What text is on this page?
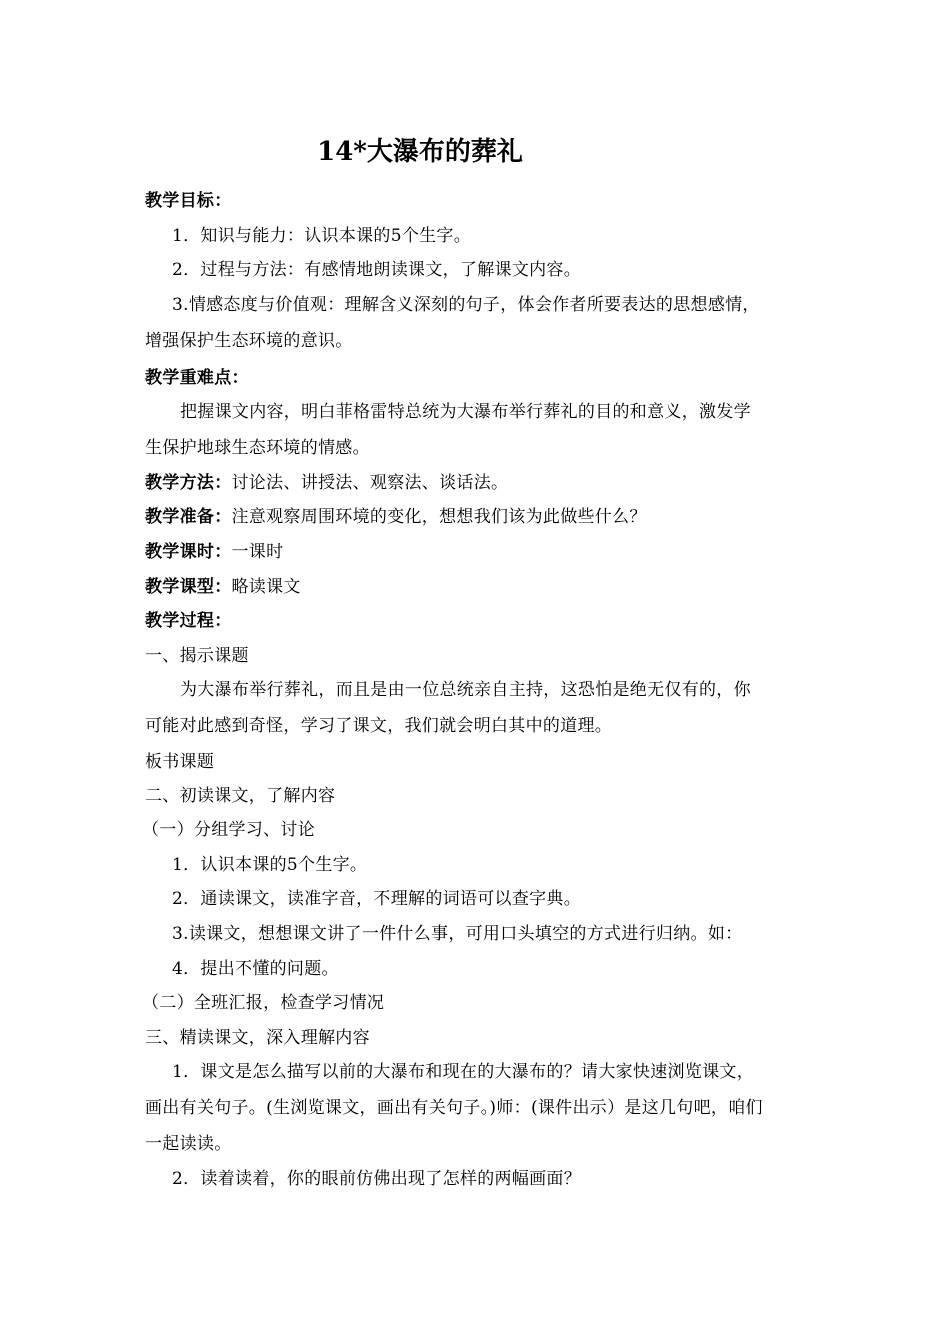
14*大瀑布的葬礼
教学目标：
1．知识与能力：认识本课的5个生字。
2．过程与方法：有感情地朗读课文，了解课文内容。
3.情感态度与价值观：理解含义深刻的句子，体会作者所要表达的思想感情，
增强保护生态环境的意识。
教学重难点：
把握课文内容，明白菲格雷特总统为大瀑布举行葬礼的目的和意义，激发学
生保护地球生态环境的情感。
教学方法：讨论法、讲授法、观察法、谈话法。
教学准备：注意观察周围环境的变化，想想我们该为此做些什么？
教学课时：一课时
教学课型：略读课文
教学过程：
一、揭示课题
为大瀑布举行葬礼，而且是由一位总统亲自主持，这恐怕是绝无仅有的，你
可能对此感到奇怪，学习了课文，我们就会明白其中的道理。
板书课题
二、初读课文，了解内容
（一）分组学习、讨论
1．认识本课的5个生字。
2．通读课文，读准字音，不理解的词语可以查字典。
3.读课文，想想课文讲了一件什么事，可用口头填空的方式进行归纳。如：
4．提出不懂的问题。
（二）全班汇报，检查学习情况
三、精读课文，深入理解内容
1．课文是怎么描写以前的大瀑布和现在的大瀑布的？请大家快速浏览课文，
画出有关句子。(生浏览课文，画出有关句子。)师：(课件出示）是这几句吧，咱们
一起读读。
2．读着读着，你的眼前仿佛出现了怎样的两幅画面？
